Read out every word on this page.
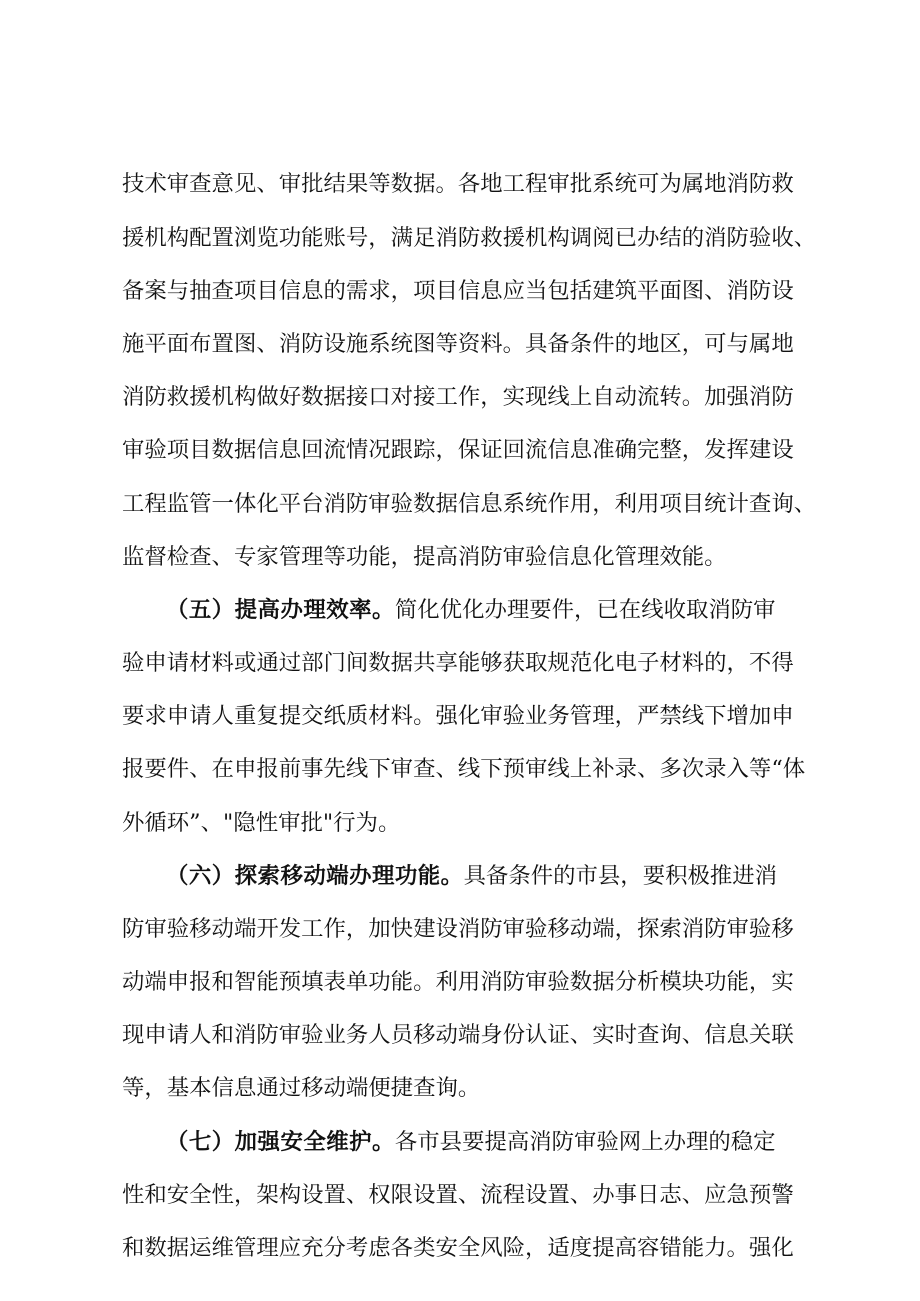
技术审查意见、审批结果等数据。各地工程审批系统可为属地消防救
援机构配置浏览功能账号，满足消防救援机构调阅已办结的消防验收、
备案与抽查项目信息的需求，项目信息应当包括建筑平面图、消防设
施平面布置图、消防设施系统图等资料。具备条件的地区，可与属地
消防救援机构做好数据接口对接工作，实现线上自动流转。加强消防
审验项目数据信息回流情况跟踪，保证回流信息准确完整，发挥建设
工程监管一体化平台消防审验数据信息系统作用，利用项目统计查询、
监督检查、专家管理等功能，提高消防审验信息化管理效能。
（五）提高办理效率。简化优化办理要件，已在线收取消防审
验申请材料或通过部门间数据共享能够获取规范化电子材料的，不得
要求申请人重复提交纸质材料。强化审验业务管理，严禁线下增加申
报要件、在申报前事先线下审查、线下预审线上补录、多次录入等“体
外循环”、"隐性审批"行为。
（六）探索移动端办理功能。具备条件的市县，要积极推进消
防审验移动端开发工作，加快建设消防审验移动端，探索消防审验移
动端申报和智能预填表单功能。利用消防审验数据分析模块功能，实
现申请人和消防审验业务人员移动端身份认证、实时查询、信息关联
等，基本信息通过移动端便捷查询。
（七）加强安全维护。各市县要提高消防审验网上办理的稳定
性和安全性，架构设置、权限设置、流程设置、办事日志、应急预警
和数据运维管理应充分考虑各类安全风险，适度提高容错能力。强化
